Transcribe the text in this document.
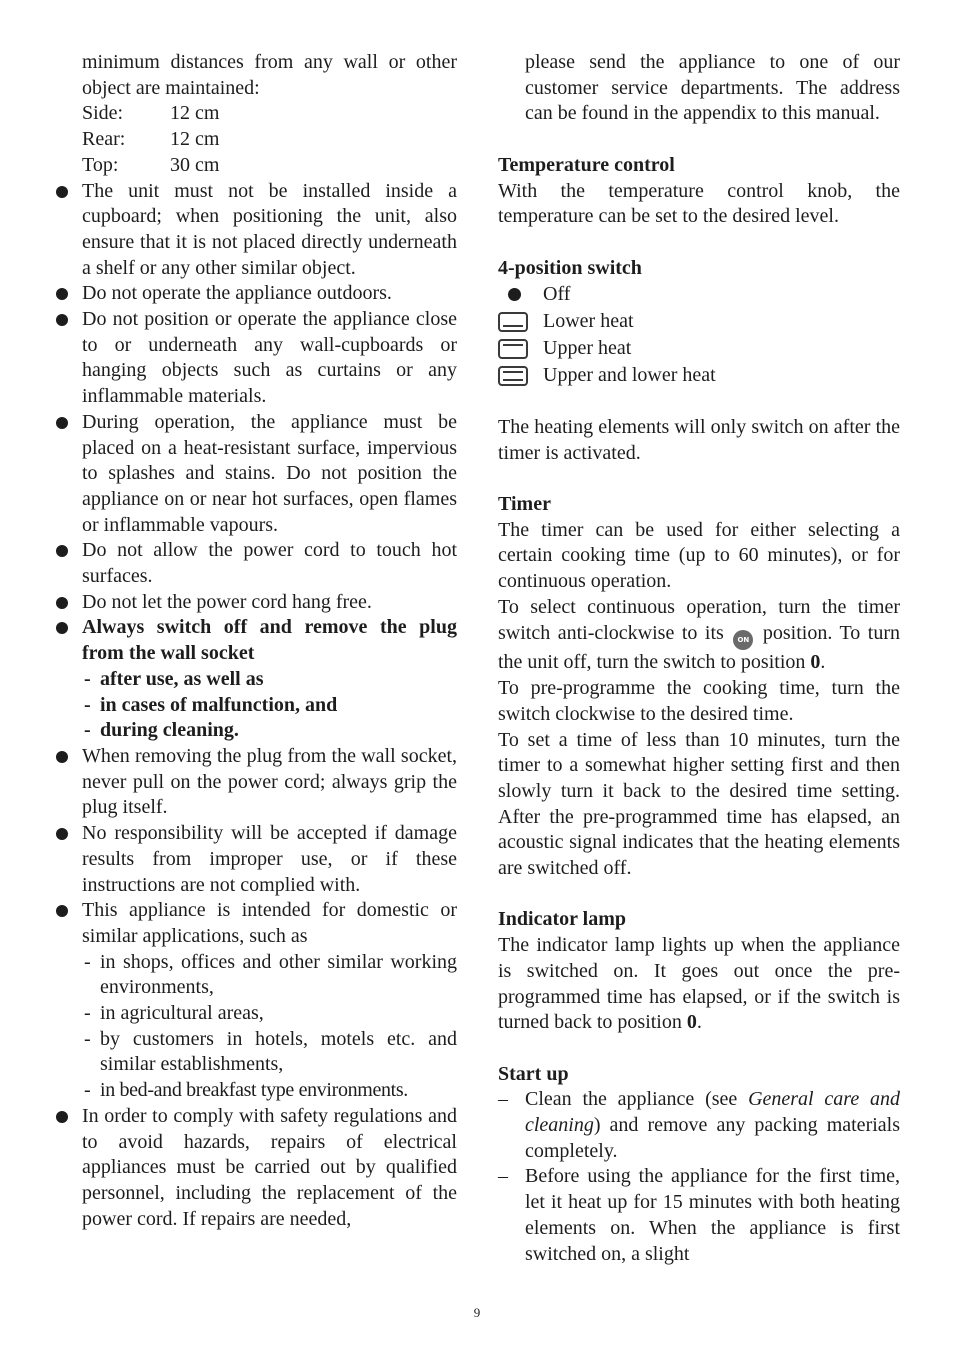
minimum distances from any wall or other object are maintained:

Side:	12 cm
Rear:	12 cm
Top:	30 cm

The unit must not be installed inside a cupboard; when positioning the unit, also ensure that it is not placed directly underneath a shelf or any other similar object.

Do not operate the appliance outdoors.

Do not position or operate the appliance close to or underneath any wall-cupboards or hanging objects such as curtains or any inflammable materials.

During operation, the appliance must be placed on a heat-resistant surface, impervious to splashes and stains. Do not position the appliance on or near hot surfaces, open flames or inflammable vapours.

Do not allow the power cord to touch hot surfaces.

Do not let the power cord hang free.

Always switch off and remove the plug from the wall socket

- after use, as well as

- in cases of malfunction, and

- during cleaning.

When removing the plug from the wall socket, never pull on the power cord; always grip the plug itself.

No responsibility will be accepted if damage results from improper use, or if these instructions are not complied with.

This appliance is intended for domestic or similar applications, such as

- in shops, offices and other similar working environments,

- in agricultural areas,

- by customers in hotels, motels etc. and similar establishments,

- in bed-and breakfast type environments.

In order to comply with safety regulations and to avoid hazards, repairs of electrical appliances must be carried out by qualified personnel, including the replacement of the power cord. If repairs are needed,

please send the appliance to one of our customer service departments. The address can be found in the appendix to this manual.

Temperature control

With the temperature control knob, the temperature can be set to the desired level.

4-position switch

Off
Lower heat
Upper heat
Upper and lower heat

The heating elements will only switch on after the timer is activated.

Timer

The timer can be used for either selecting a certain cooking time (up to 60 minutes), or for continuous operation.

To select continuous operation, turn the timer switch anti-clockwise to its ON position. To turn the unit off, turn the switch to position 0.

To pre-programme the cooking time, turn the switch clockwise to the desired time.

To set a time of less than 10 minutes, turn the timer to a somewhat higher setting first and then slowly turn it back to the desired time setting. After the pre-programmed time has elapsed, an acoustic signal indicates that the heating elements are switched off.

Indicator lamp

The indicator lamp lights up when the appliance is switched on. It goes out once the pre-programmed time has elapsed, or if the switch is turned back to position 0.

Start up

– Clean the appliance (see General care and cleaning) and remove any packing materials completely.

– Before using the appliance for the first time, let it heat up for 15 minutes with both heating elements on. When the appliance is first switched on, a slight

9
